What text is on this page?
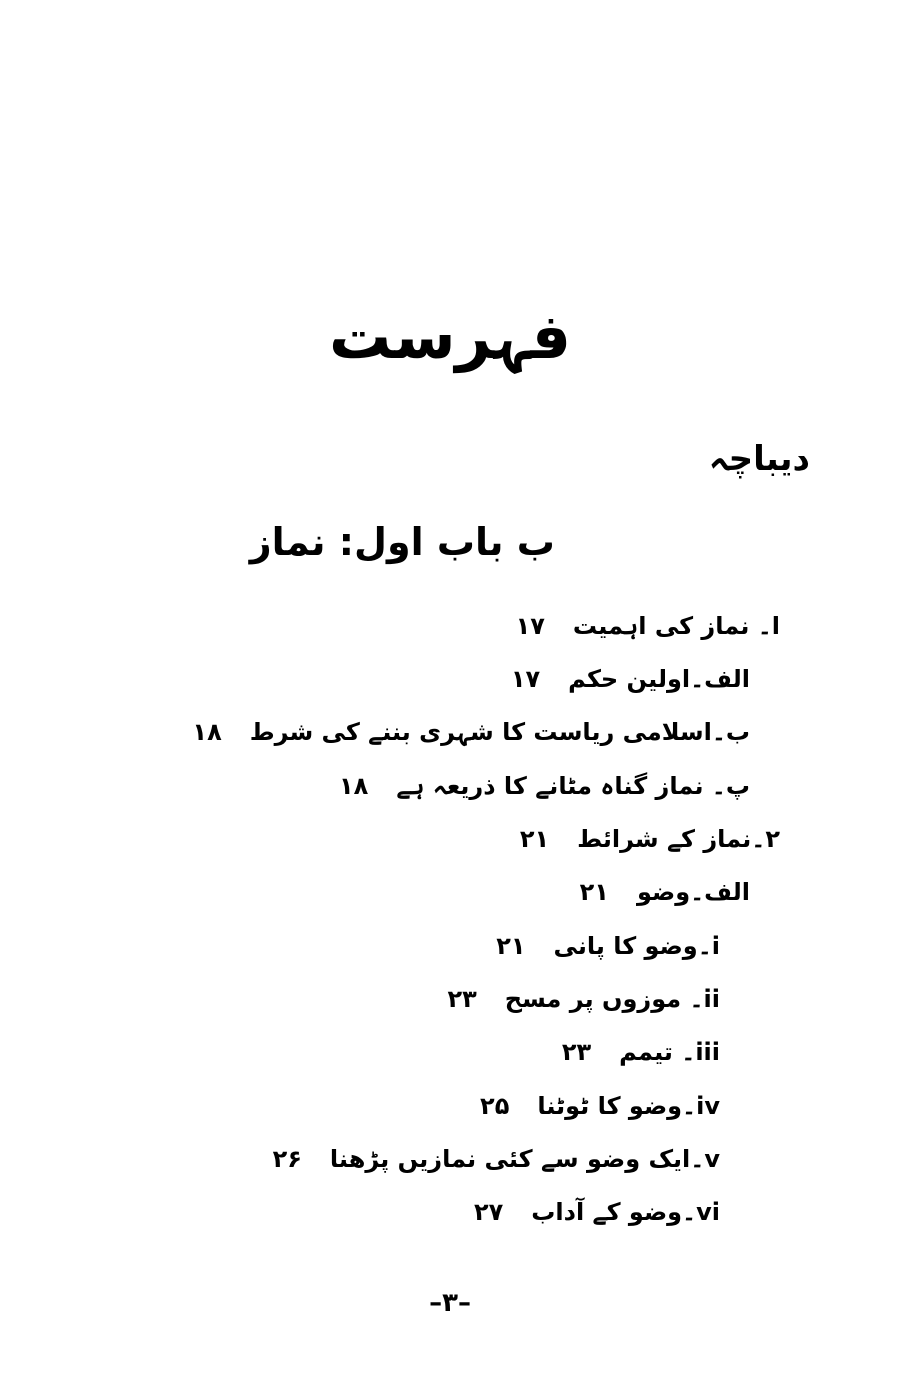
فہرست
دیباچہ
ب باب اول: نماز
ا۔ نماز کی اہمیت۱۷
الف۔اولین حکم۱۷
ب۔اسلامی ریاست کا شہری بننے کی شرط۱۸
پ۔ نماز گناہ مٹانے کا ذریعہ ہے۱۸
۲۔نماز کے شرائط۲۱
الف۔وضو۲۱
i۔وضو کا پانی۲۱
ii۔ موزوں پر مسح۲۳
iii۔ تیمم۲۳
iv۔وضو کا ٹوٹنا۲۵
v۔ایک وضو سے کئی نمازیں پڑھنا۲۶
vi۔وضو کے آداب۲۷
–۳–
